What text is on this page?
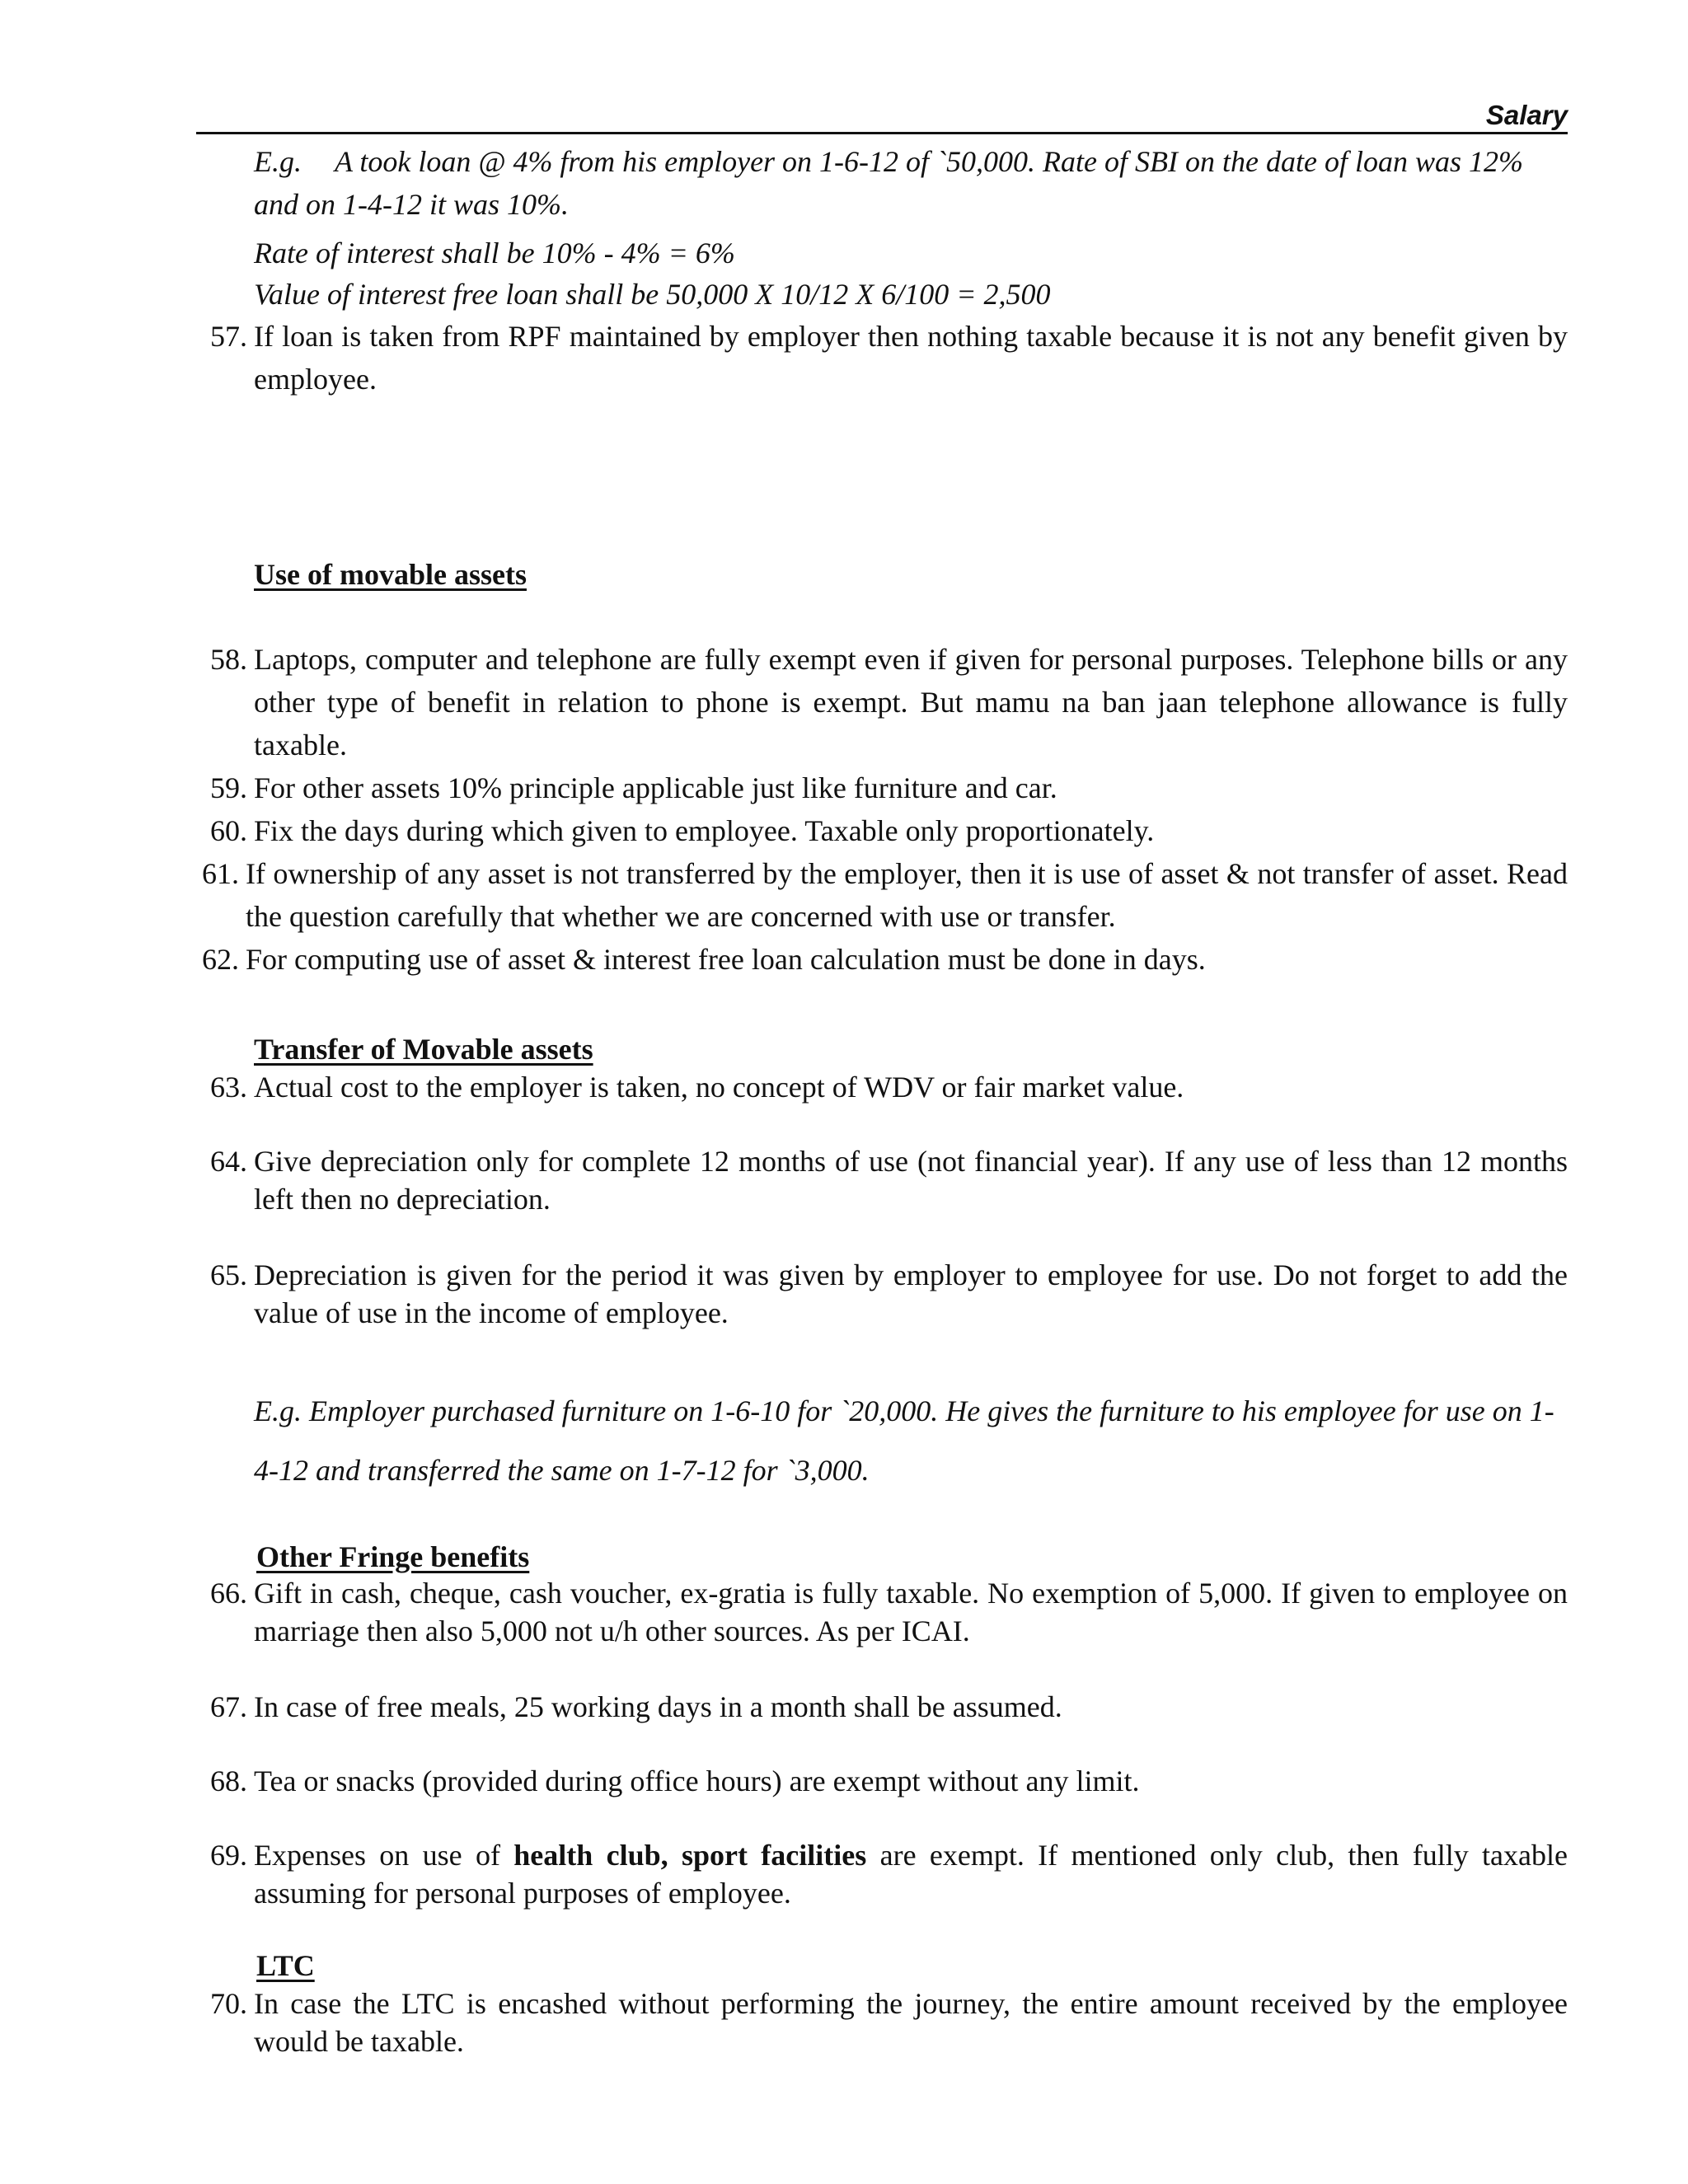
Salary
E.g. A took loan @ 4% from his employer on 1-6-12 of `50,000. Rate of SBI on the date of loan was 12% and on 1-4-12 it was 10%.
Rate of interest shall be 10% - 4% = 6%
Value of interest free loan shall be 50,000 X 10/12 X 6/100 = 2,500
57. If loan is taken from RPF maintained by employer then nothing taxable because it is not any benefit given by employee.
Use of movable assets
58. Laptops, computer and telephone are fully exempt even if given for personal purposes. Telephone bills or any other type of benefit in relation to phone is exempt. But mamu na ban jaan telephone allowance is fully taxable.
59. For other assets 10% principle applicable just like furniture and car.
60. Fix the days during which given to employee. Taxable only proportionately.
61. If ownership of any asset is not transferred by the employer, then it is use of asset & not transfer of asset. Read the question carefully that whether we are concerned with use or transfer.
62. For computing use of asset & interest free loan calculation must be done in days.
Transfer of Movable assets
63. Actual cost to the employer is taken, no concept of WDV or fair market value.
64. Give depreciation only for complete 12 months of use (not financial year). If any use of less than 12 months left then no depreciation.
65. Depreciation is given for the period it was given by employer to employee for use. Do not forget to add the value of use in the income of employee.
E.g. Employer purchased furniture on 1-6-10 for `20,000. He gives the furniture to his employee for use on 1-4-12 and transferred the same on 1-7-12 for `3,000.
Other Fringe benefits
66. Gift in cash, cheque, cash voucher, ex-gratia is fully taxable. No exemption of 5,000. If given to employee on marriage then also 5,000 not u/h other sources. As per ICAI.
67. In case of free meals, 25 working days in a month shall be assumed.
68. Tea or snacks (provided during office hours) are exempt without any limit.
69. Expenses on use of health club, sport facilities are exempt. If mentioned only club, then fully taxable assuming for personal purposes of employee.
LTC
70. In case the LTC is encashed without performing the journey, the entire amount received by the employee would be taxable.
